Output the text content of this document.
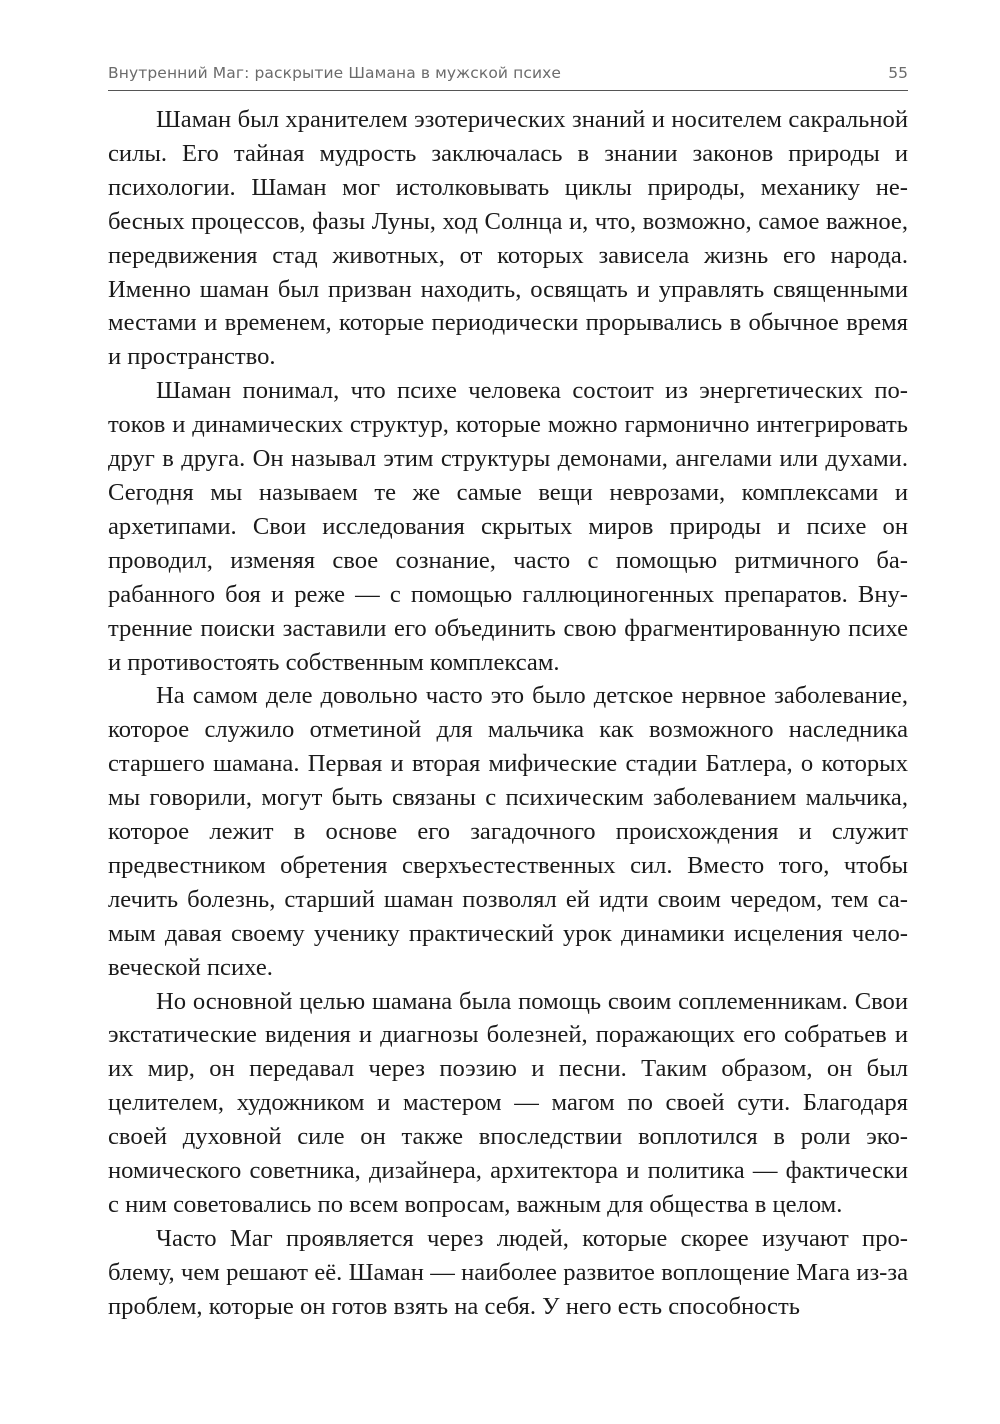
Внутренний Маг: раскрытие Шамана в мужской психе	55

Шаман был хранителем эзотерических знаний и носителем сакральной силы. Его тайная мудрость заключалась в знании законов природы и психологии. Шаман мог истолковывать циклы природы, механику небесных процессов, фазы Луны, ход Солнца и, что, возможно, самое важное, передвижения стад животных, от которых зависела жизнь его народа. Именно шаман был призван находить, освящать и управлять священными местами и временем, которые периодически прорывались в обычное время и пространство.

Шаман понимал, что психе человека состоит из энергетических потоков и динамических структур, которые можно гармонично интегрировать друг в друга. Он называл этим структуры демонами, ангелами или духами. Сегодня мы называем те же самые вещи неврозами, комплексами и архетипами. Свои исследования скрытых миров природы и психе он проводил, изменяя свое сознание, часто с помощью ритмичного барабанного боя и реже — с помощью галлюциногенных препаратов. Внутренние поиски заставили его объединить свою фрагментированную психе и противостоять собственным комплексам.

На самом деле довольно часто это было детское нервное заболевание, которое служило отметиной для мальчика как возможного наследника старшего шамана. Первая и вторая мифические стадии Батлера, о которых мы говорили, могут быть связаны с психическим заболеванием мальчика, которое лежит в основе его загадочного происхождения и служит предвестником обретения сверхъестественных сил. Вместо того, чтобы лечить болезнь, старший шаман позволял ей идти своим чередом, тем самым давая своему ученику практический урок динамики исцеления человеческой психе.

Но основной целью шамана была помощь своим соплеменникам. Свои экстатические видения и диагнозы болезней, поражающих его собратьев и их мир, он передавал через поэзию и песни. Таким образом, он был целителем, художником и мастером — магом по своей сути. Благодаря своей духовной силе он также впоследствии воплотился в роли экономического советника, дизайнера, архитектора и политика — фактически с ним советовались по всем вопросам, важным для общества в целом.

Часто Маг проявляется через людей, которые скорее изучают проблему, чем решают её. Шаман — наиболее развитое воплощение Мага из-за проблем, которые он готов взять на себя. У него есть способность
